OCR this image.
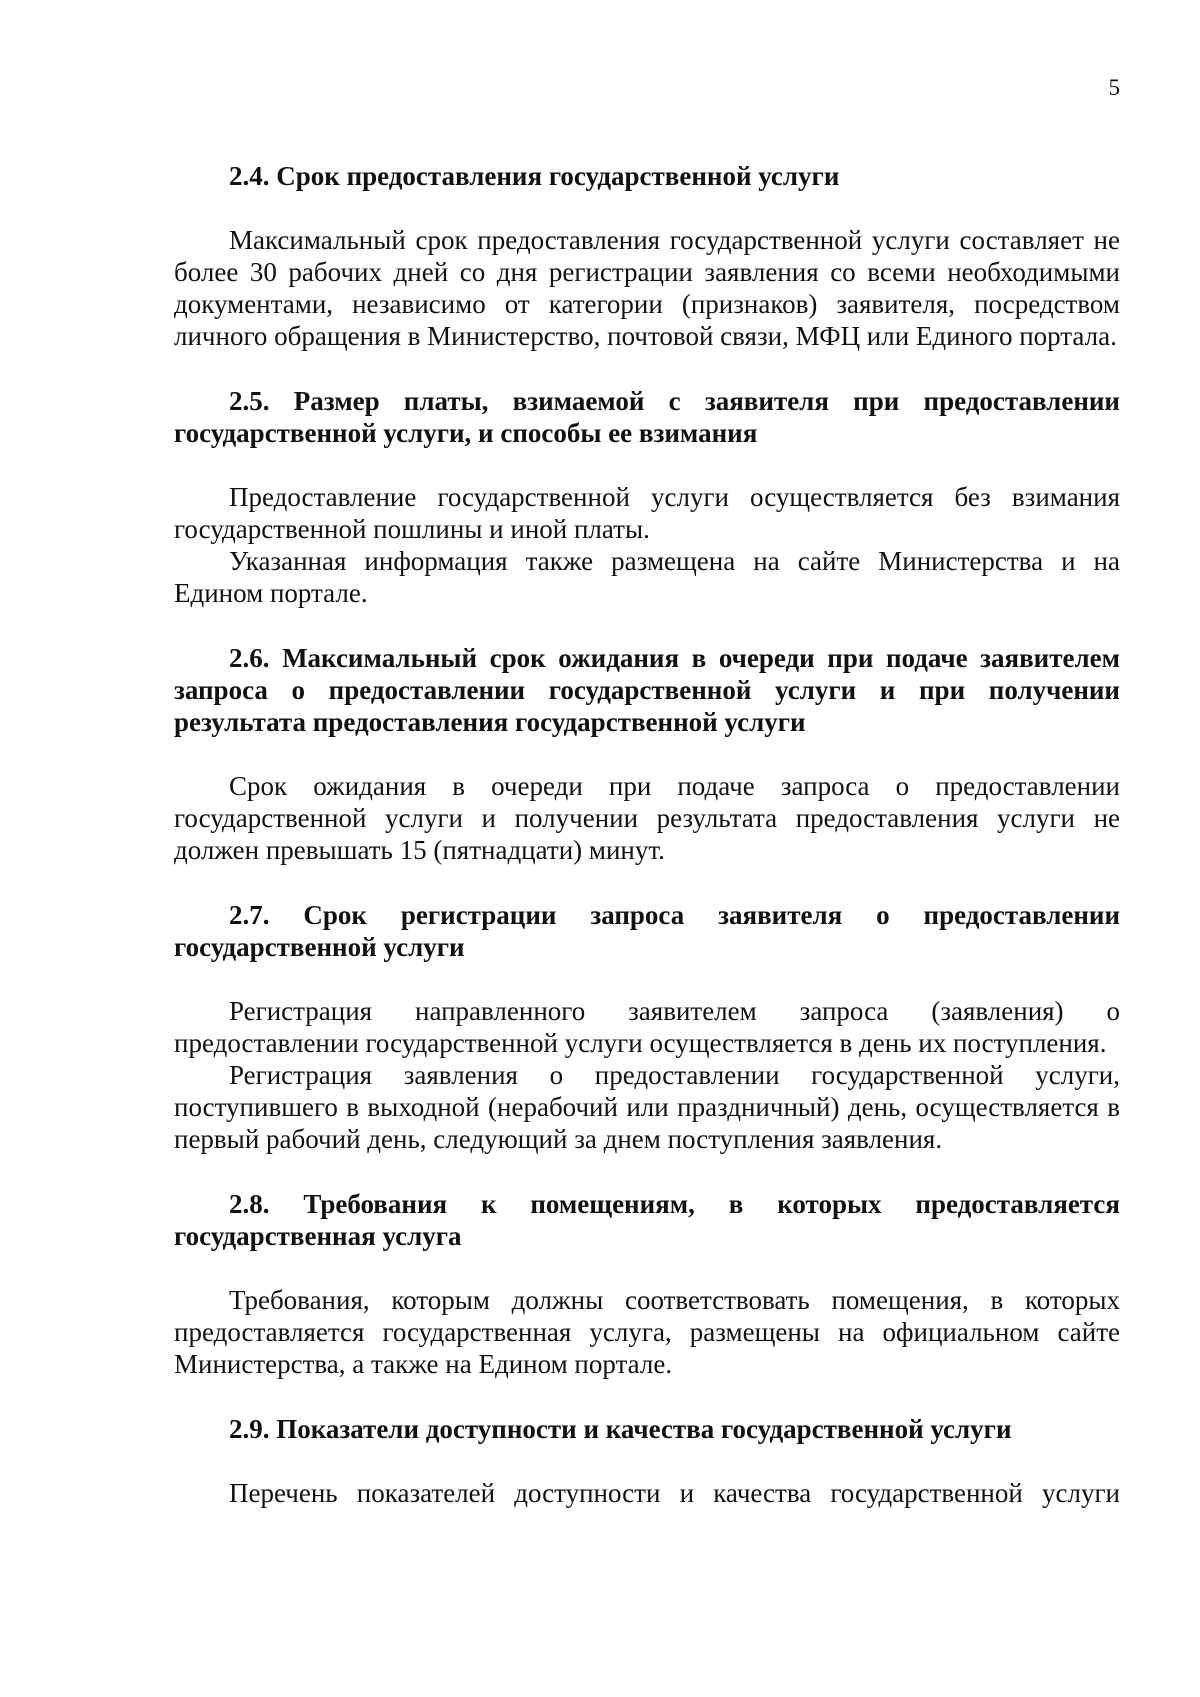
5

2.4. Срок предоставления государственной услуги

Максимальный срок предоставления государственной услуги составляет не более 30 рабочих дней со дня регистрации заявления со всеми необходимыми документами, независимо от категории (признаков) заявителя, посредством личного обращения в Министерство, почтовой связи, МФЦ или Единого портала.

2.5. Размер платы, взимаемой с заявителя при предоставлении государственной услуги, и способы ее взимания

Предоставление государственной услуги осуществляется без взимания государственной пошлины и иной платы.

Указанная информация также размещена на сайте Министерства и на Едином портале.

2.6. Максимальный срок ожидания в очереди при подаче заявителем запроса о предоставлении государственной услуги и при получении результата предоставления государственной услуги

Срок ожидания в очереди при подаче запроса о предоставлении государственной услуги и получении результата предоставления услуги не должен превышать 15 (пятнадцати) минут.

2.7. Срок регистрации запроса заявителя о предоставлении государственной услуги

Регистрация направленного заявителем запроса (заявления) о предоставлении государственной услуги осуществляется в день их поступления.

Регистрация заявления о предоставлении государственной услуги, поступившего в выходной (нерабочий или праздничный) день, осуществляется в первый рабочий день, следующий за днем поступления заявления.

2.8. Требования к помещениям, в которых предоставляется государственная услуга

Требования, которым должны соответствовать помещения, в которых предоставляется государственная услуга, размещены на официальном сайте Министерства, а также на Едином портале.

2.9. Показатели доступности и качества государственной услуги

Перечень показателей доступности и качества государственной услуги
